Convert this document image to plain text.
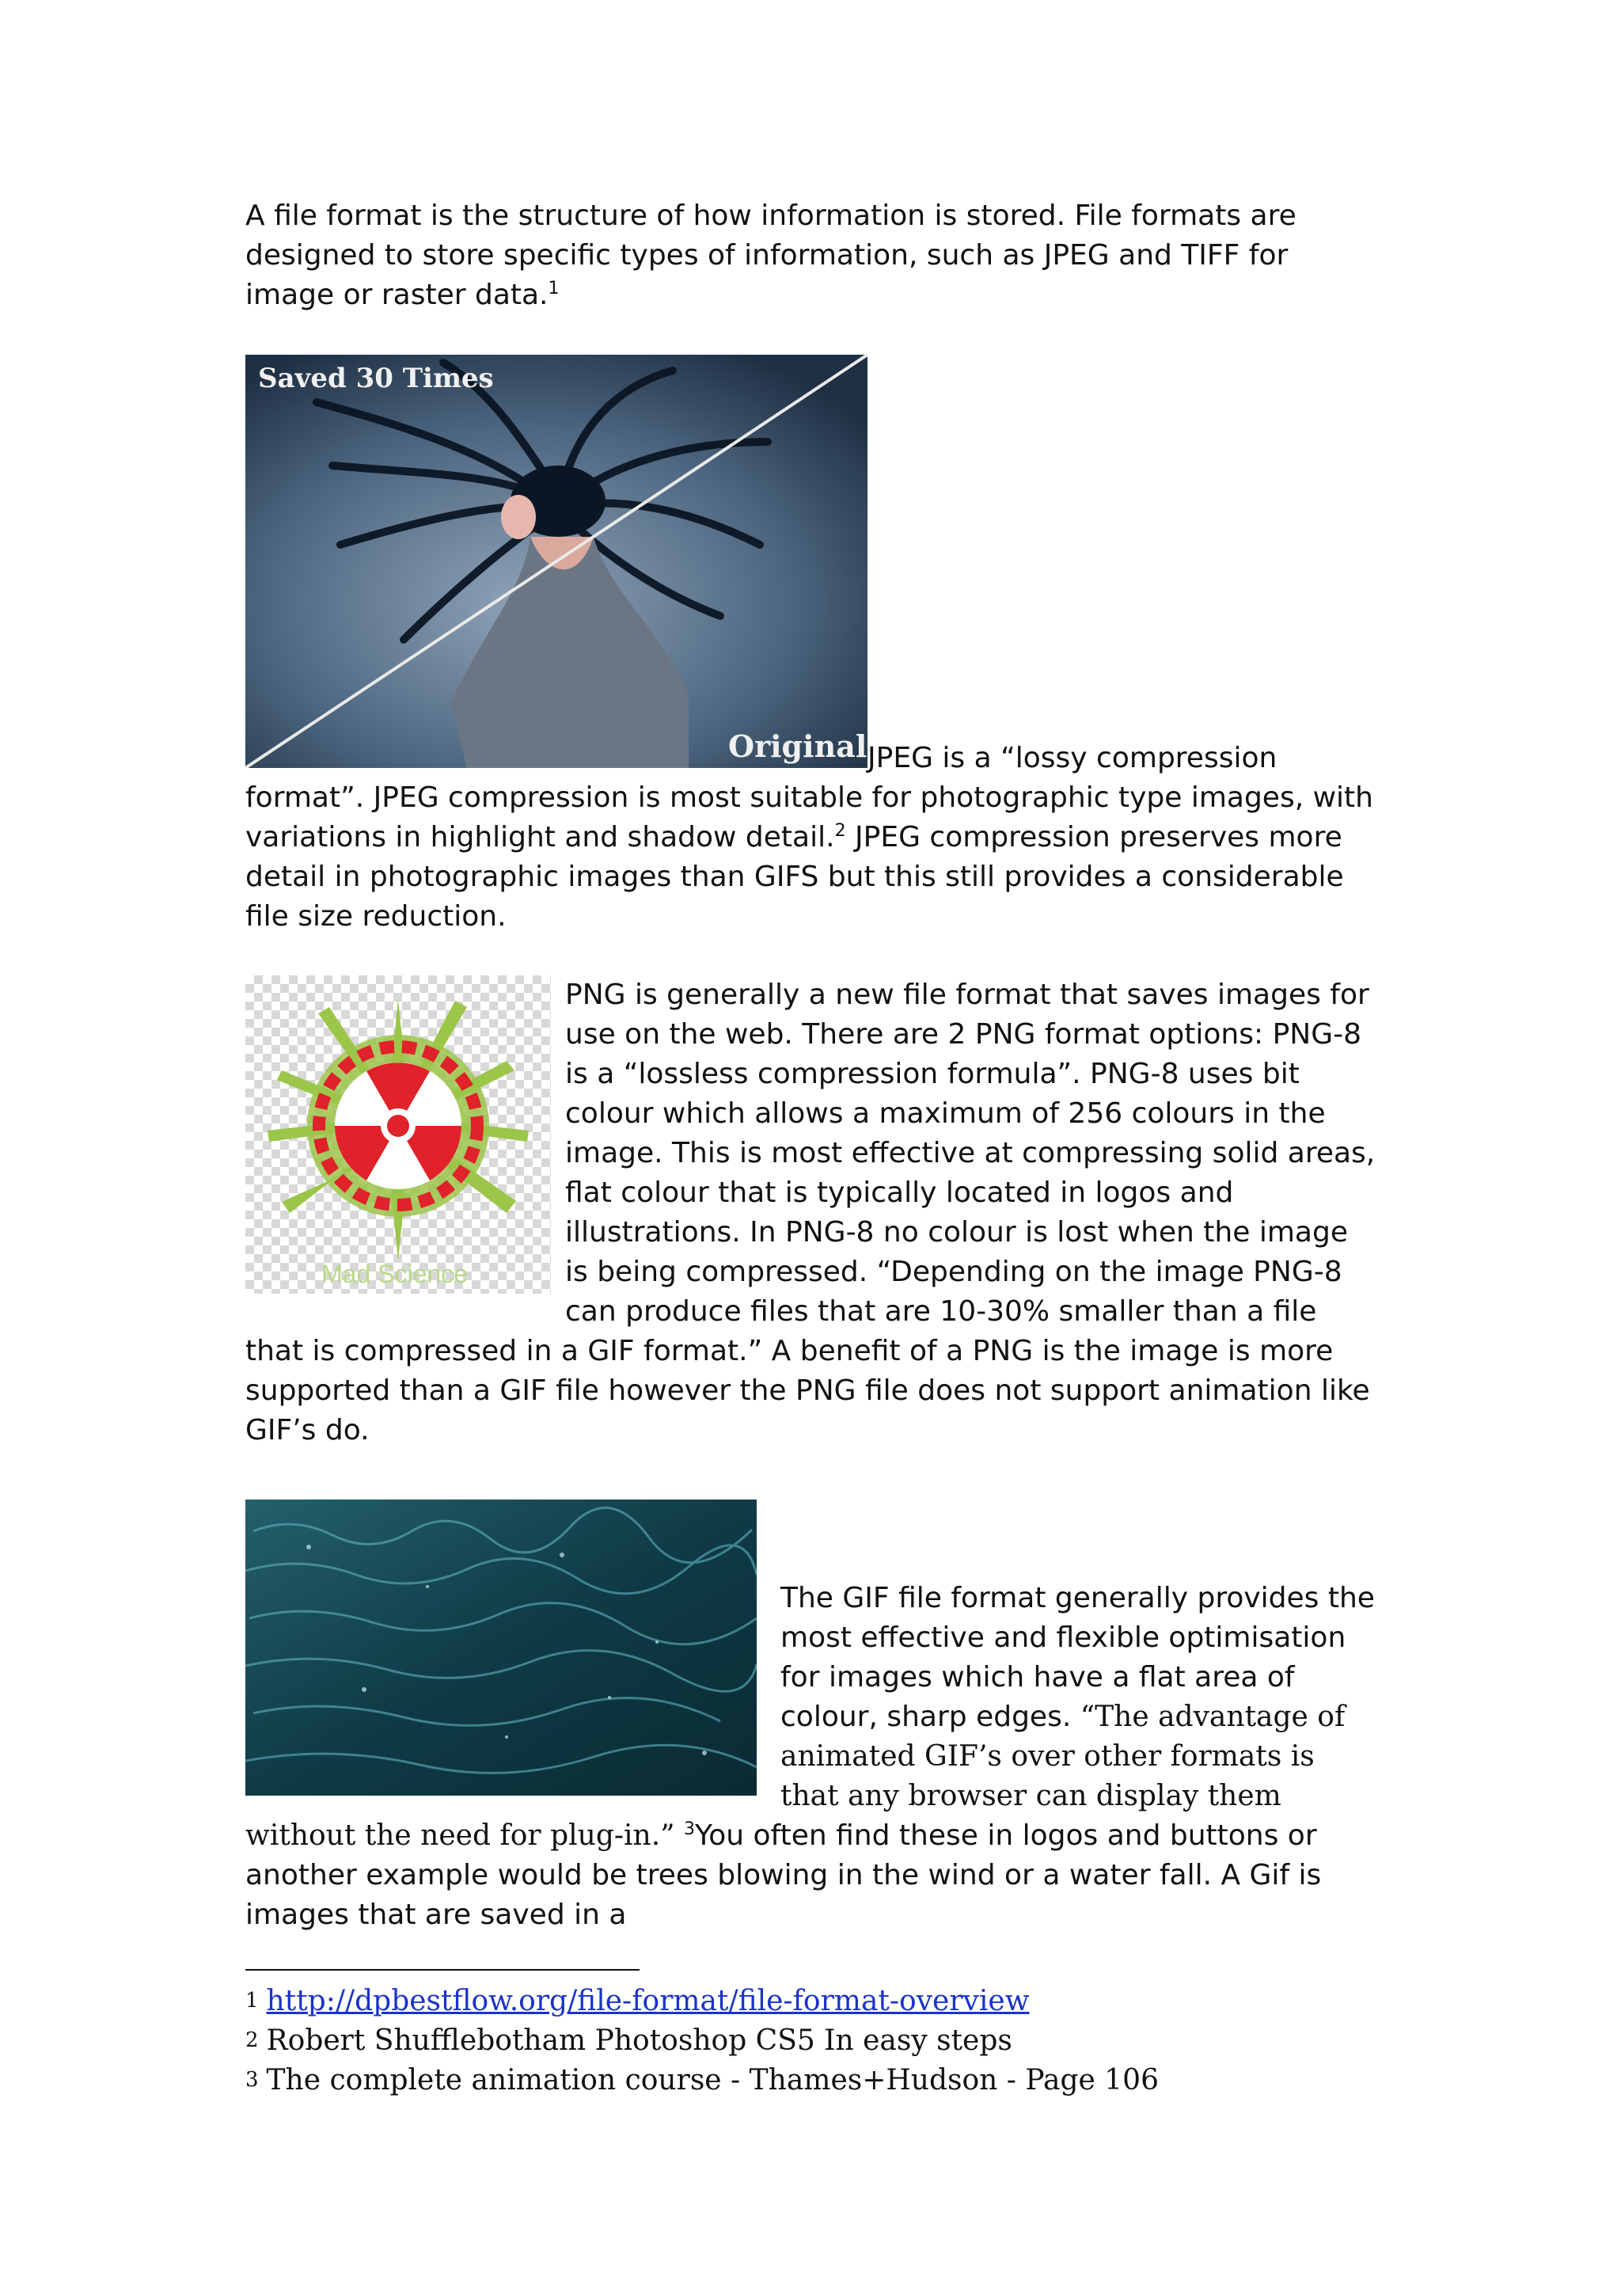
A file format is the structure of how information is stored. File formats are designed to store specific types of information, such as JPEG and TIFF for image or raster data.$^1$

Saved 30 Times
Original JPEG is a “lossy compression format”. JPEG compression is most suitable for photographic type images, with variations in highlight and shadow detail.$^2$ JPEG compression preserves more detail in photographic images than GIFS but this still provides a considerable file size reduction.

Mad Science
PNG is generally a new file format that saves images for use on the web. There are 2 PNG format options: PNG-8 is a “lossless compression formula”. PNG-8 uses bit colour which allows a maximum of 256 colours in the image. This is most effective at compressing solid areas, flat colour that is typically located in logos and illustrations. In PNG-8 no colour is lost when the image is being compressed. “Depending on the image PNG-8 can produce files that are 10-30% smaller than a file that is compressed in a GIF format.” A benefit of a PNG is the image is more supported than a GIF file however the PNG file does not support animation like GIF’s do.
The GIF file format generally provides the most effective and flexible optimisation for images which have a flat area of colour, sharp edges. “The advantage of animated GIF’s over other formats is that any browser can display them without the need for plug-in.” $^3$You often find these in logos and buttons or another example would be trees blowing in the wind or a water fall. A Gif is images that are saved in a
1 http://dpbestflow.org/file-format/file-format-overview
2 Robert Shufflebotham Photoshop CS5 In easy steps
3 The complete animation course - Thames+Hudson - Page 106
